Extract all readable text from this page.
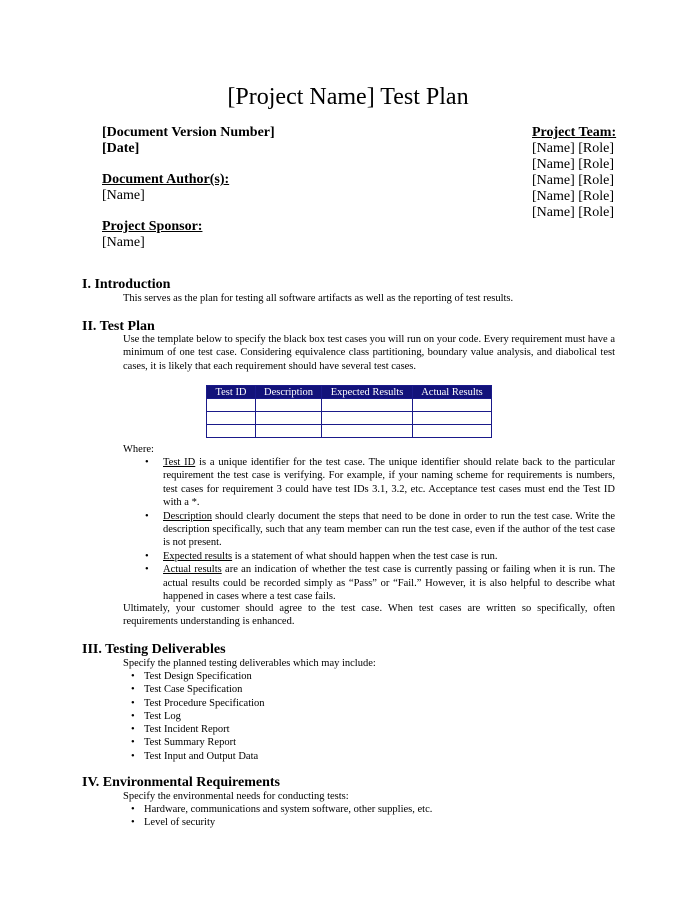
[Project Name] Test Plan
[Document Version Number]
[Date]
Document Author(s):
[Name]
Project Sponsor:
[Name]
Project Team:
[Name] [Role]
[Name] [Role]
[Name] [Role]
[Name] [Role]
[Name] [Role]
I. Introduction
This serves as the plan for testing all software artifacts as well as the reporting of test results.
II. Test Plan
Use the template below to specify the black box test cases you will run on your code. Every requirement must have a minimum of one test case. Considering equivalence class partitioning, boundary value analysis, and diabolical test cases, it is likely that each requirement should have several test cases.
Test ID	Description	Expected Results	Actual Results

Where:
• Test ID is a unique identifier for the test case. The unique identifier should relate back to the particular requirement the test case is verifying. For example, if your naming scheme for requirements is numbers, test cases for requirement 3 could have test IDs 3.1, 3.2, etc. Acceptance test cases must end the Test ID with a *.
• Description should clearly document the steps that need to be done in order to run the test case. Write the description specifically, such that any team member can run the test case, even if the author of the test case is not present.
• Expected results is a statement of what should happen when the test case is run.
• Actual results are an indication of whether the test case is currently passing or failing when it is run. The actual results could be recorded simply as “Pass” or “Fail.” However, it is also helpful to describe what happened in cases where a test case fails.
Ultimately, your customer should agree to the test case. When test cases are written so specifically, often requirements understanding is enhanced.
III. Testing Deliverables
Specify the planned testing deliverables which may include:
• Test Design Specification
• Test Case Specification
• Test Procedure Specification
• Test Log
• Test Incident Report
• Test Summary Report
• Test Input and Output Data
IV. Environmental Requirements
Specify the environmental needs for conducting tests:
• Hardware, communications and system software, other supplies, etc.
• Level of security
